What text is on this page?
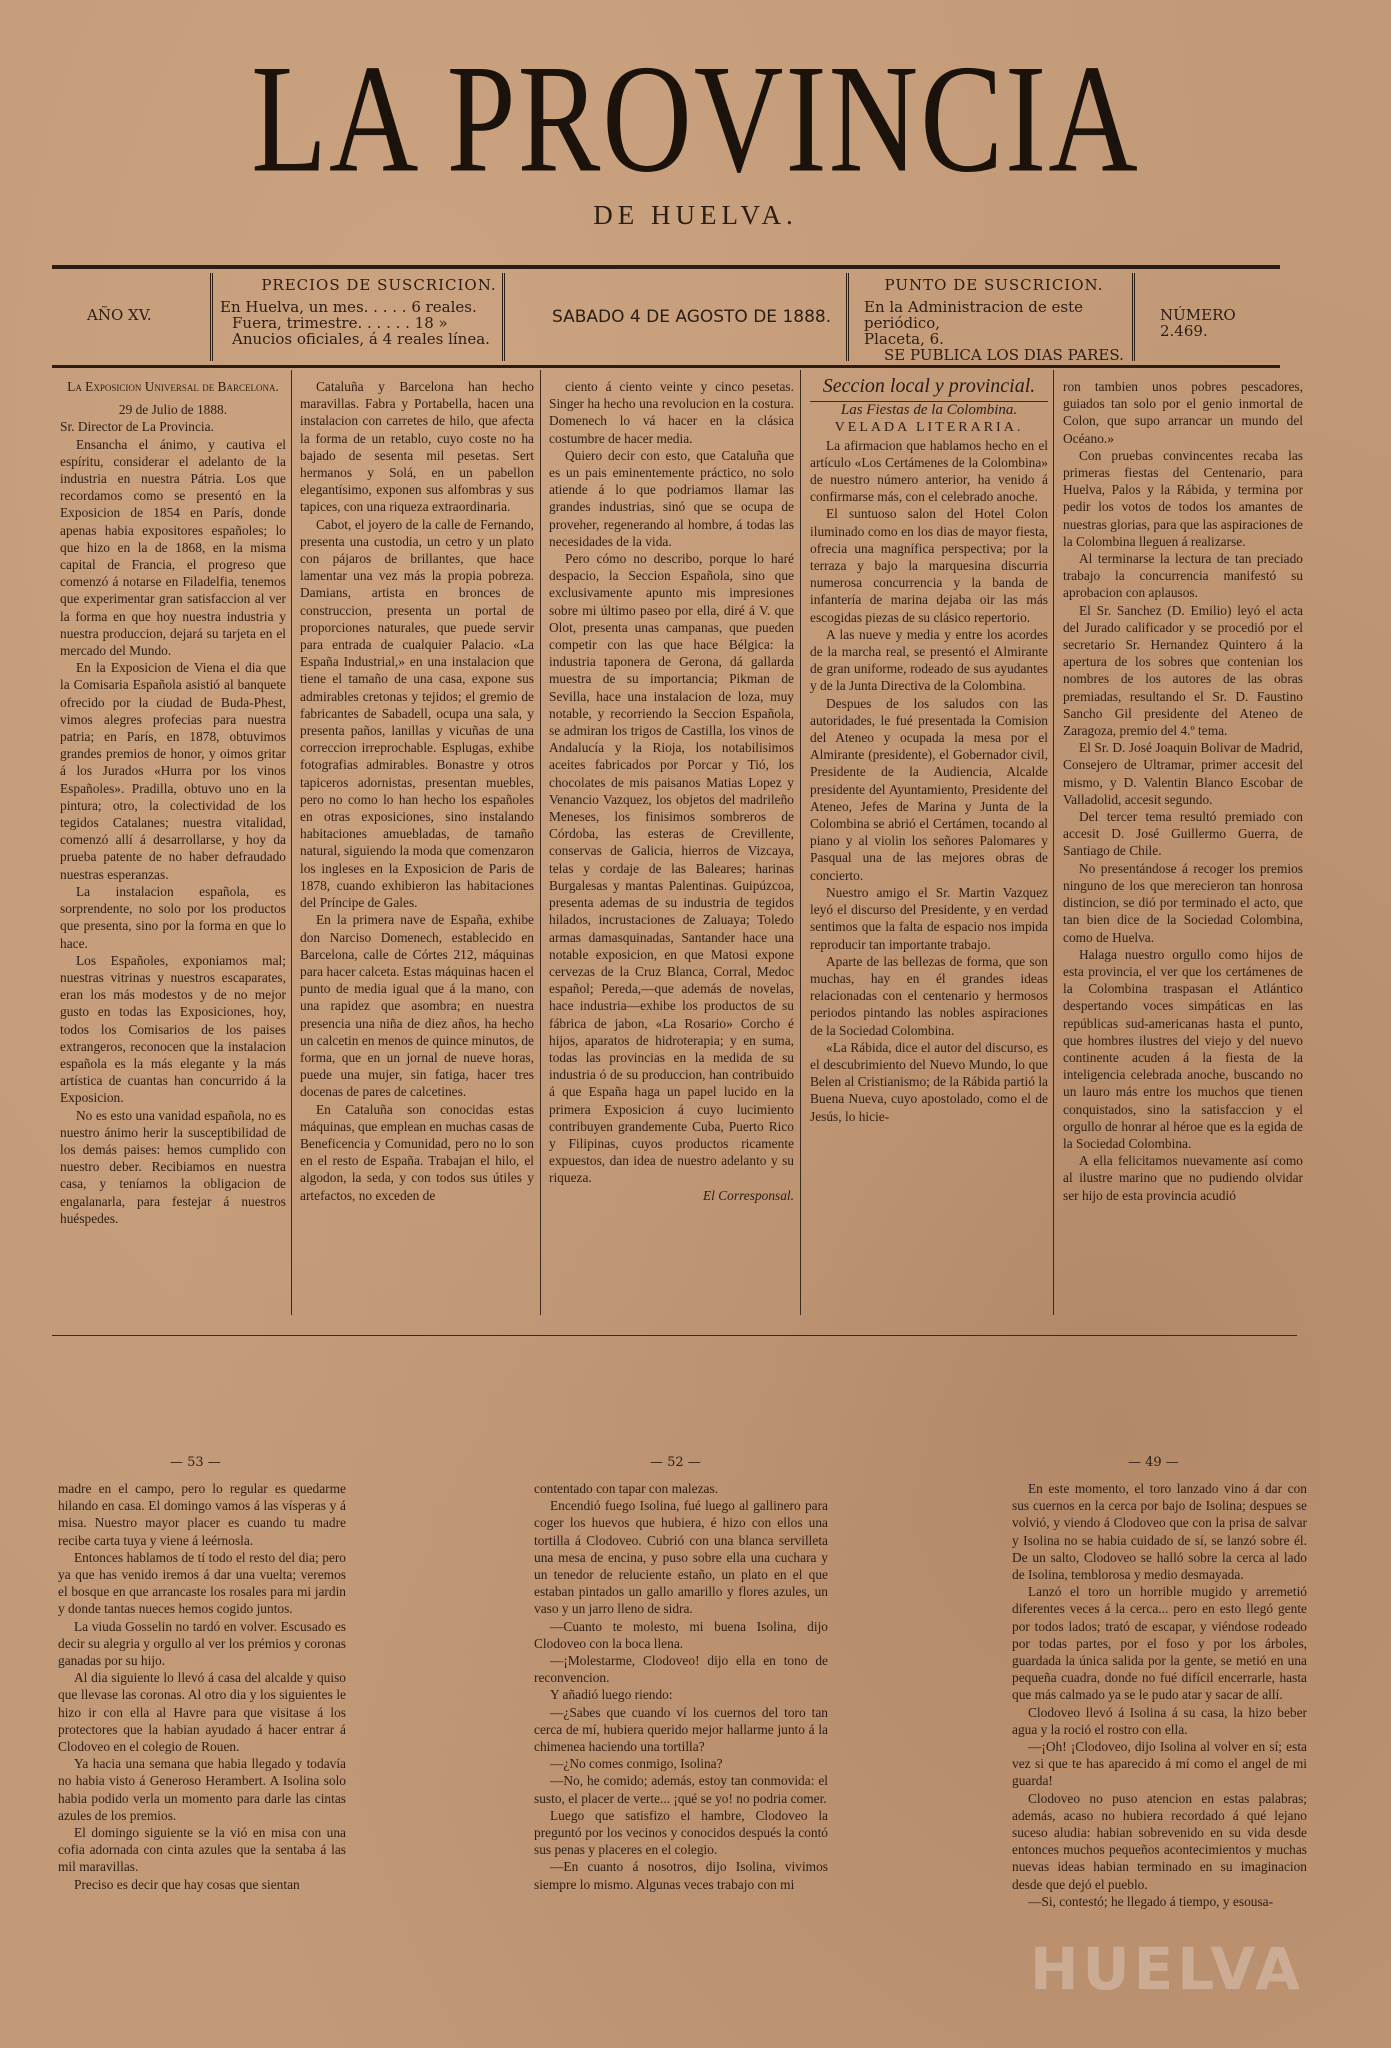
LA PROVINCIA
DE HUELVA.
AÑO XV.
PRECIOS DE SUSCRICION.
En Huelva, un mes. . . . . 6 reales.
Fuera, trimestre. . . . . . 18 »
Anucios oficiales, á 4 reales línea.
SABADO 4 DE AGOSTO DE 1888.
PUNTO DE SUSCRICION.
En la Administracion de este periódico,
Placeta, 6.
SE PUBLICA LOS DIAS PARES.
NÚMERO 2.469.

La Exposicion Universal de Barcelona.

29 de Julio de 1888.

Sr. Director de La Provincia.

Ensancha el ánimo, y cautiva el espíritu, considerar el adelanto de la industria en nuestra Pátria. Los que recordamos como se presentó en la Exposicion de 1854 en París, donde apenas habia expositores españoles; lo que hizo en la de 1868, en la misma capital de Francia, el progreso que comenzó á notarse en Filadelfia, tenemos que experimentar gran satisfaccion al ver la forma en que hoy nuestra industria y nuestra produccion, dejará su tarjeta en el mercado del Mundo.

En la Exposicion de Viena el dia que la Comisaria Española asistió al banquete ofrecido por la ciudad de Buda-Phest, vimos alegres profecias para nuestra patria; en París, en 1878, obtuvimos grandes premios de honor, y oimos gritar á los Jurados «Hurra por los vinos Españoles». Pradilla, obtuvo uno en la pintura; otro, la colectividad de los tegidos Catalanes; nuestra vitalidad, comenzó allí á desarrollarse, y hoy da prueba patente de no haber defraudado nuestras esperanzas.

La instalacion española, es sorprendente, no solo por los productos que presenta, sino por la forma en que lo hace.

Los Españoles, exponiamos mal; nuestras vitrinas y nuestros escaparates, eran los más modestos y de no mejor gusto en todas las Exposiciones, hoy, todos los Comisarios de los paises extrangeros, reconocen que la instalacion española es la más elegante y la más artística de cuantas han concurrido á la Exposicion.

No es esto una vanidad española, no es nuestro ánimo herir la susceptibilidad de los demás paises: hemos cumplido con nuestro deber. Recibiamos en nuestra casa, y teníamos la obligacion de engalanarla, para festejar á nuestros huéspedes.

Cataluña y Barcelona han hecho maravillas. Fabra y Portabella, hacen una instalacion con carretes de hilo, que afecta la forma de un retablo, cuyo coste no ha bajado de sesenta mil pesetas. Sert hermanos y Solá, en un pabellon elegantísimo, exponen sus alfombras y sus tapices, con una riqueza extraordinaria.

Cabot, el joyero de la calle de Fernando, presenta una custodia, un cetro y un plato con pájaros de brillantes, que hace lamentar una vez más la propia pobreza. Damians, artista en bronces de construccion, presenta un portal de proporciones naturales, que puede servir para entrada de cualquier Palacio. «La España Industrial,» en una instalacion que tiene el tamaño de una casa, expone sus admirables cretonas y tejidos; el gremio de fabricantes de Sabadell, ocupa una sala, y presenta paños, lanillas y vicuñas de una correccion irreprochable. Esplugas, exhibe fotografias admirables. Bonastre y otros tapiceros adornistas, presentan muebles, pero no como lo han hecho los españoles en otras exposiciones, sino instalando habitaciones amuebladas, de tamaño natural, siguiendo la moda que comenzaron los ingleses en la Exposicion de Paris de 1878, cuando exhibieron las habitaciones del Príncipe de Gales.

En la primera nave de España, exhibe don Narciso Domenech, establecido en Barcelona, calle de Córtes 212, máquinas para hacer calceta. Estas máquinas hacen el punto de media igual que á la mano, con una rapidez que asombra; en nuestra presencia una niña de diez años, ha hecho un calcetin en menos de quince minutos, de forma, que en un jornal de nueve horas, puede una mujer, sin fatiga, hacer tres docenas de pares de calcetines.

En Cataluña son conocidas estas máquinas, que emplean en muchas casas de Beneficencia y Comunidad, pero no lo son en el resto de España. Trabajan el hilo, el algodon, la seda, y con todos sus útiles y artefactos, no exceden de

ciento á ciento veinte y cinco pesetas. Singer ha hecho una revolucion en la costura. Domenech lo vá hacer en la clásica costumbre de hacer media.

Quiero decir con esto, que Cataluña que es un pais eminentemente práctico, no solo atiende á lo que podriamos llamar las grandes industrias, sinó que se ocupa de proveher, regenerando al hombre, á todas las necesidades de la vida.

Pero cómo no describo, porque lo haré despacio, la Seccion Española, sino que exclusivamente apunto mis impresiones sobre mi último paseo por ella, diré á V. que Olot, presenta unas campanas, que pueden competir con las que hace Bélgica: la industria taponera de Gerona, dá gallarda muestra de su importancia; Pikman de Sevilla, hace una instalacion de loza, muy notable, y recorriendo la Seccion Española, se admiran los trigos de Castilla, los vinos de Andalucía y la Rioja, los notabilisimos aceites fabricados por Porcar y Tió, los chocolates de mis paisanos Matias Lopez y Venancio Vazquez, los objetos del madrileño Meneses, los finisimos sombreros de Córdoba, las esteras de Crevillente, conservas de Galicia, hierros de Vizcaya, telas y cordaje de las Baleares; harinas Burgalesas y mantas Palentinas. Guipúzcoa, presenta ademas de su industria de tegidos hilados, incrustaciones de Zaluaya; Toledo armas damasquinadas, Santander hace una notable exposicion, en que Matosi expone cervezas de la Cruz Blanca, Corral, Medoc español; Pereda,—que además de novelas, hace industria—exhibe los productos de su fábrica de jabon, «La Rosario» Corcho é hijos, aparatos de hidroterapia; y en suma, todas las provincias en la medida de su industria ó de su produccion, han contribuido á que España haga un papel lucido en la primera Exposicion á cuyo lucimiento contribuyen grandemente Cuba, Puerto Rico y Filipinas, cuyos productos ricamente expuestos, dan idea de nuestro adelanto y su riqueza.

El Corresponsal.

Seccion local y provincial.

Las Fiestas de la Colombina.

VELADA LITERARIA.

La afirmacion que hablamos hecho en el artículo «Los Certámenes de la Colombina» de nuestro número anterior, ha venido á confirmarse más, con el celebrado anoche.

El suntuoso salon del Hotel Colon iluminado como en los dias de mayor fiesta, ofrecia una magnífica perspectiva; por la terraza y bajo la marquesina discurria numerosa concurrencia y la banda de infantería de marina dejaba oir las más escogidas piezas de su clásico repertorio.

A las nueve y media y entre los acordes de la marcha real, se presentó el Almirante de gran uniforme, rodeado de sus ayudantes y de la Junta Directiva de la Colombina.

Despues de los saludos con las autoridades, le fué presentada la Comision del Ateneo y ocupada la mesa por el Almirante (presidente), el Gobernador civil, Presidente de la Audiencia, Alcalde presidente del Ayuntamiento, Presidente del Ateneo, Jefes de Marina y Junta de la Colombina se abrió el Certámen, tocando al piano y al violin los señores Palomares y Pasqual una de las mejores obras de concierto.

Nuestro amigo el Sr. Martin Vazquez leyó el discurso del Presidente, y en verdad sentimos que la falta de espacio nos impida reproducir tan importante trabajo.

Aparte de las bellezas de forma, que son muchas, hay en él grandes ideas relacionadas con el centenario y hermosos periodos pintando las nobles aspiraciones de la Sociedad Colombina.

«La Rábida, dice el autor del discurso, es el descubrimiento del Nuevo Mundo, lo que Belen al Cristianismo; de la Rábida partió la Buena Nueva, cuyo apostolado, como el de Jesús, lo hicie-

ron tambien unos pobres pescadores, guiados tan solo por el genio inmortal de Colon, que supo arrancar un mundo del Océano.»

Con pruebas convincentes recaba las primeras fiestas del Centenario, para Huelva, Palos y la Rábida, y termina por pedir los votos de todos los amantes de nuestras glorias, para que las aspiraciones de la Colombina lleguen á realizarse.

Al terminarse la lectura de tan preciado trabajo la concurrencia manifestó su aprobacion con aplausos.

El Sr. Sanchez (D. Emilio) leyó el acta del Jurado calificador y se procedió por el secretario Sr. Hernandez Quintero á la apertura de los sobres que contenian los nombres de los autores de las obras premiadas, resultando el Sr. D. Faustino Sancho Gil presidente del Ateneo de Zaragoza, premio del 4.º tema.

El Sr. D. José Joaquin Bolivar de Madrid, Consejero de Ultramar, primer accesit del mismo, y D. Valentin Blanco Escobar de Valladolid, accesit segundo.

Del tercer tema resultó premiado con accesit D. José Guillermo Guerra, de Santiago de Chile.

No presentándose á recoger los premios ninguno de los que merecieron tan honrosa distincion, se dió por terminado el acto, que tan bien dice de la Sociedad Colombina, como de Huelva.

Halaga nuestro orgullo como hijos de esta provincia, el ver que los certámenes de la Colombina traspasan el Atlántico despertando voces simpáticas en las repúblicas sud-americanas hasta el punto, que hombres ilustres del viejo y del nuevo continente acuden á la fiesta de la inteligencia celebrada anoche, buscando no un lauro más entre los muchos que tienen conquistados, sino la satisfaccion y el orgullo de honrar al héroe que es la egida de la Sociedad Colombina.

A ella felicitamos nuevamente así como al ilustre marino que no pudiendo olvidar ser hijo de esta provincia acudió

— 53 —	— 52 —	— 49 —

madre en el campo, pero lo regular es quedarme hilando en casa. El domingo vamos á las vísperas y á misa. Nuestro mayor placer es cuando tu madre recibe carta tuya y viene á leérnosla.

Entonces hablamos de tí todo el resto del dia; pero ya que has venido iremos á dar una vuelta; veremos el bosque en que arrancaste los rosales para mi jardin y donde tantas nueces hemos cogido juntos.

La viuda Gosselin no tardó en volver. Escusado es decir su alegria y orgullo al ver los prémios y coronas ganadas por su hijo.

Al dia siguiente lo llevó á casa del alcalde y quiso que llevase las coronas. Al otro dia y los siguientes le hizo ir con ella al Havre para que visitase á los protectores que la habian ayudado á hacer entrar á Clodoveo en el colegio de Rouen.

Ya hacia una semana que habia llegado y todavía no habia visto á Generoso Herambert. A Isolina solo habia podido verla un momento para darle las cintas azules de los premios.

El domingo siguiente se la vió en misa con una cofia adornada con cinta azules que la sentaba á las mil maravillas.

Preciso es decir que hay cosas que sientan

contentado con tapar con malezas.

Encendió fuego Isolina, fué luego al gallinero para coger los huevos que hubiera, é hizo con ellos una tortilla á Clodoveo. Cubrió con una blanca servilleta una mesa de encina, y puso sobre ella una cuchara y un tenedor de reluciente estaño, un plato en el que estaban pintados un gallo amarillo y flores azules, un vaso y un jarro lleno de sidra.

—Cuanto te molesto, mi buena Isolina, dijo Clodoveo con la boca llena.

—¡Molestarme, Clodoveo! dijo ella en tono de reconvencion.

Y añadió luego riendo:

—¿Sabes que cuando ví los cuernos del toro tan cerca de mí, hubiera querido mejor hallarme junto á la chimenea haciendo una tortilla?

—¿No comes conmigo, Isolina?

—No, he comido; además, estoy tan conmovida: el susto, el placer de verte... ¡qué se yo! no podria comer.

Luego que satisfizo el hambre, Clodoveo la preguntó por los vecinos y conocidos después la contó sus penas y placeres en el colegio.

—En cuanto á nosotros, dijo Isolina, vivimos siempre lo mismo. Algunas veces trabajo con mi

En este momento, el toro lanzado vino á dar con sus cuernos en la cerca por bajo de Isolina; despues se volvió, y viendo á Clodoveo que con la prisa de salvar y Isolina no se habia cuidado de sí, se lanzó sobre él. De un salto, Clodoveo se halló sobre la cerca al lado de Isolina, temblorosa y medio desmayada.

Lanzó el toro un horrible mugido y arremetió diferentes veces á la cerca... pero en esto llegó gente por todos lados; trató de escapar, y viéndose rodeado por todas partes, por el foso y por los árboles, guardada la única salida por la gente, se metió en una pequeña cuadra, donde no fué difícil encerrarle, hasta que más calmado ya se le pudo atar y sacar de allí.

Clodoveo llevó á Isolina á su casa, la hizo beber agua y la roció el rostro con ella.

—¡Oh! ¡Clodoveo, dijo Isolina al volver en sí; esta vez si que te has aparecido á mí como el angel de mi guarda!

Clodoveo no puso atencion en estas palabras; además, acaso no hubiera recordado á qué lejano suceso aludia: habian sobrevenido en su vida desde entonces muchos pequeños acontecimientos y muchas nuevas ideas habian terminado en su imaginacion desde que dejó el pueblo.

—Si, contestó; he llegado á tiempo, y esousa-

HUELVA
